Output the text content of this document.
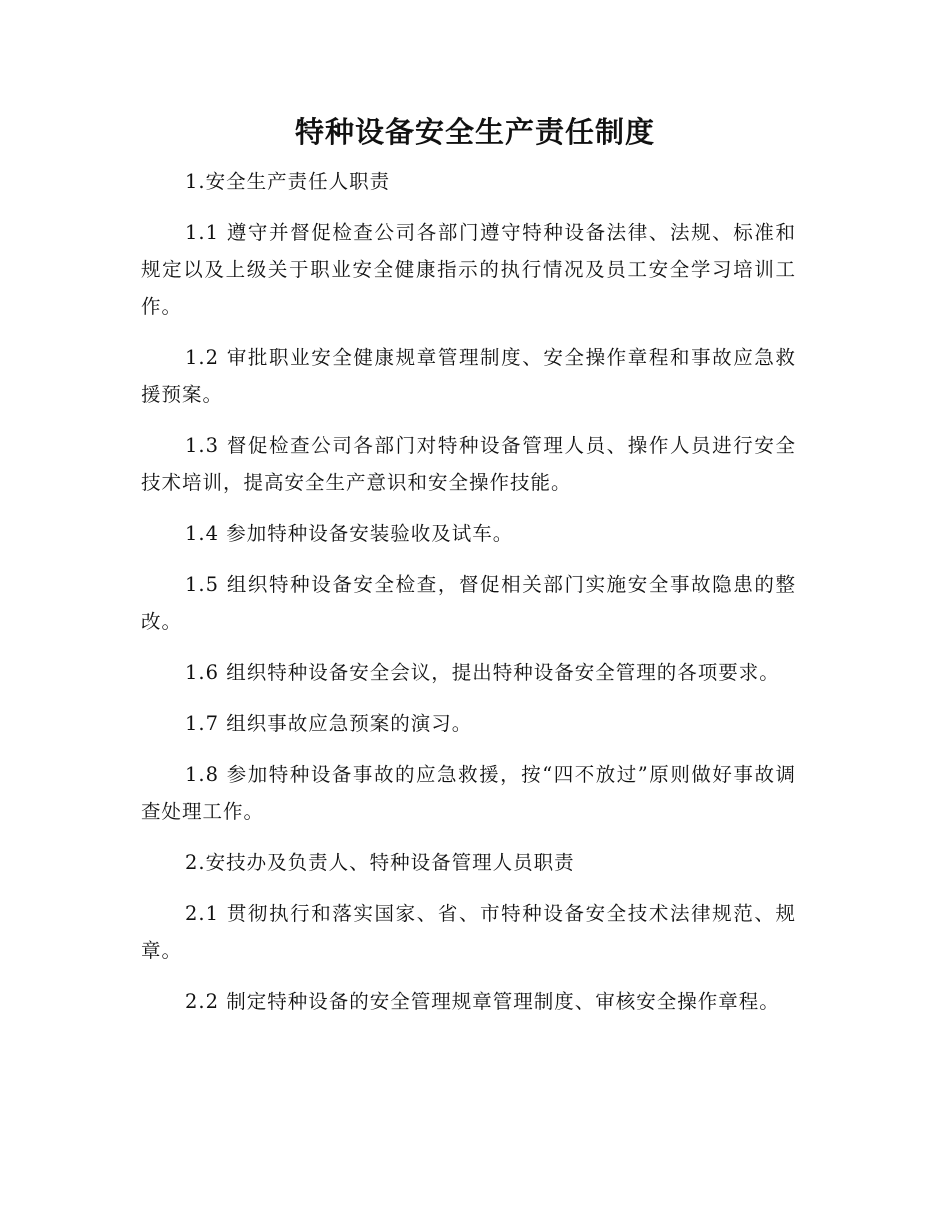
特种设备安全生产责任制度

1.安全生产责任人职责

1.1 遵守并督促检查公司各部门遵守特种设备法律、法规、标准和规定以及上级关于职业安全健康指示的执行情况及员工安全学习培训工作。

1.2 审批职业安全健康规章管理制度、安全操作章程和事故应急救援预案。

1.3 督促检查公司各部门对特种设备管理人员、操作人员进行安全技术培训，提高安全生产意识和安全操作技能。

1.4 参加特种设备安装验收及试车。

1.5 组织特种设备安全检查，督促相关部门实施安全事故隐患的整改。

1.6 组织特种设备安全会议，提出特种设备安全管理的各项要求。

1.7 组织事故应急预案的演习。

1.8 参加特种设备事故的应急救援，按“四不放过”原则做好事故调查处理工作。

2.安技办及负责人、特种设备管理人员职责

2.1 贯彻执行和落实国家、省、市特种设备安全技术法律规范、规章。

2.2 制定特种设备的安全管理规章管理制度、审核安全操作章程。
